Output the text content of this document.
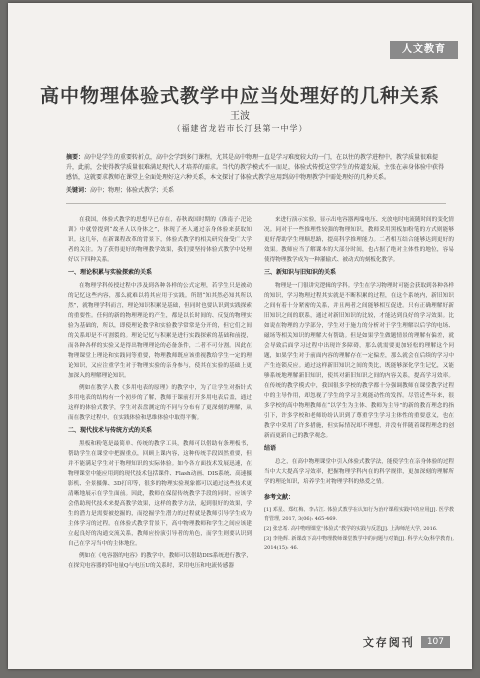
人文教育
高中物理体验式教学中应当处理好的几种关系
王波
（福建省龙岩市长汀县第一中学）
摘要：高中是学生的重要转折点，高中会学到多门课程，尤其是高中物理一直是学习难度较大的一门，在以往的教学进程中，教学质量很难提升，此前，会使得教学质量很难满足现代人才培养的需求。当代的教学模式不一而足，体验式传授这堂学生的传道发展，主张在亲身体验中获得感悟，这就要求教师在课堂上全面处理好这六种关系，本文探讨了体验式教学应用到高中物理教学中需处理好的几种关系。
关键词：高中；物理；体验式教学；关系

在我国，体验式教学的思想早已存在，春秋战国时期的《淮南子·汜论训》中就曾提到“故圣人以身体之”，体现了圣人通过亲身体验来获取知识。这几年，在新课程改革的背景下，体验式教学的相关研究备受广大学者的关注。为了获得更好的物理教学效果，我们要坚持体验式教学中处理好以下四种关系。

一、理论积累与实验探索的关系

在物理学科传授过程中涉及到各种各样的公式定理，若学生只是被动的记忆这些内容，那么就难以将其应用于实践。所谓“知其然必知其所以然”，就物理学科而言，理论知识积累是基础，但同时也要认识到实践探索的重要性。任何的新的物理理论的产生，都是以长时间的、反复的物理实验为基础的，所以，即使理论教学和实验教学常常是分开的，但它们之间的关系却是不可割裂的。理论记忆与积累是进行实践探索的基础和前提，而各种各样的实验又是得出物理理论的必备条件，二者不可分割。因此在物理课堂上理论和实践同等重要，物理教师既应该重视教给学生一定的理论知识，又应注重学生对于物理实验的亲身参与，使其在实验的基础上更加深入的理解理论知识。

例如在教学人教《多用电表的原理》的教学中，为了让学生对指针式多用电表的结构有一个初步的了解，教师于课前打开多用电表后盖，通过这样的体验式教学，学生对表盘测定的不同与分布有了更深刻的理解，从而在教学过程中，在实践体验和思维体验中取得平衡。

二、现代技术与传统方式的关系

黑板和粉笔是最简单、传统的教学工具，教师可以借助有条理板书，帮助学生在课堂中把握重点，回顾上课内容，这种传统手段固然重要，但并不能满足学生对于物理知识的实际体验。如今各方面技术发展迅速，在物理课堂中能应用到的现代技术包括课件、Flash动画、DIS系统、高速摄影机、全景摄像、3D打印等，很多的物理实验现象都可以通过这些技术更清晰地展示在学生面前。因此，教师在保留传统教学手段的同时，应该学会借助现代技术来提高教学效果，这样的教学方法，起到很好的效果，学生的潜力是需要被挖掘的，而挖掘学生潜力的过程就是教师引导学生成为主体学习的过程。在体验式教学背景下，高中物理教师和学生之间应该建立起良好的沟通交流关系，教师应扮演引导者的角色，而学生则要认识到自己在学习当中的主体地位。

例如在《电容器的电容》的教学中，教师可以借助DIS系统进行教学，在探究电容器的带电量Q与电压U的关系时，采用电压和电流传感器

来进行演示实验，显示出电容器两端电压、充放电时电流随时间的变化情况。同对于一些推理性较强的物理知识，教师采用黑板加粉笔的方式则能够更好帮助学生理顺思路，提高科学推理能力。二者相互结合能够达到更好的效果。教师应当了解课本的大部分时间，也占据了绝对主体性的地位，容易使得物理教学成为一种灌输式、被动式的刻板化教学。

三、新知识与旧知识的关系

物理是一门很讲究逻辑的学科。学生在学习物理时可能会获取到各种各样的知识，学习物理过程其实就是不断积累的过程，在这个系统内，新旧知识之间有着十分紧密的关系，并且两者之间能够相互促进。只有正确理解好新旧知识之间的联系，通过对新旧知识的比较，才能达到良好的学习效果。比如说在物理的力学部分，学生对于施力的分析对于学生理解以后学的电场、磁场等相关知识的理解大有帮助。但是如果学生做题情景的理解有偏差，就会导致后面学习过程中出现许多障碍，那么就需要更加轻松的理解这个问题，如果学生对于前面内容的理解存在一定偏差，那么就会在后续的学习中产生连锁反应。通过这样新旧知识之间的类比，既能够深化学生记忆，又能够系统地理解新旧知识，使其对新旧知识之间的内容关系，提高学习效率。在传统的教学模式中，我国很多学校的教学都十分强调教师在课堂教学过程中的主导作用，却忽视了学生的学习主观能动性的发挥。尽管近些年来，很多学校的高中物理教师在“以学生为主体、教师为主导”的新的教育理念的指引下，许多学校和老师纷纷认识到了尊重学生学习主体性的重要意义，也在教学中采用了许多措施，但实际情况却不理想，并没有伴随着课程理念的创新而更新自己的教学观念。

结语

总之，在高中物理课堂中引入体验式教学法，能使学生在亲身体验的过程当中大大提高学习效率，把握物理学科内在的科学规律，更加深刻的理解所学的理论知识，培养学生对物理学科的热爱之情。

参考文献：
[1] 邓星、郑红梅、李占江. 体验式教学在认知行为治疗课程实践中的应用[J]. 医学教育管理, 2017, 3(06): 465-469.
[2] 张忠希. 高中物理课堂“体验式”教学的实践与反思[J]. 上海师范大学, 2016.
[3] 李艳辉. 新课改下高中物理教师课堂教学中的问题与对策[J]. 科学大众(科学教育), 2014(15): 46.
文存阅刊	107
